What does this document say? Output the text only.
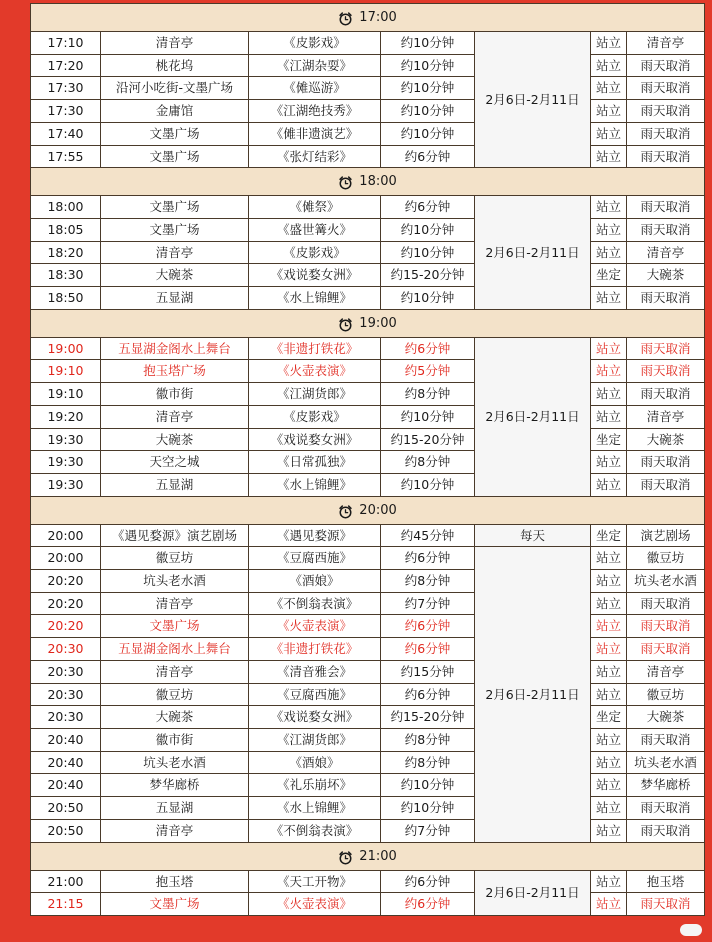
17:00						
17:10	清音亭	《皮影戏》	约10分钟	2月6日-2月11日	站立	清音亭
17:20	桃花坞	《江湖杂耍》	约10分钟		站立	雨天取消
17:30	沿河小吃街-文墨广场	《傩巡游》	约10分钟		站立	雨天取消
17:30	金庸馆	《江湖绝技秀》	约10分钟		站立	雨天取消
17:40	文墨广场	《傩非遗演艺》	约10分钟		站立	雨天取消
17:55	文墨广场	《张灯结彩》	约6分钟		站立	雨天取消
18:00						
18:00	文墨广场	《傩祭》	约6分钟	2月6日-2月11日	站立	雨天取消
18:05	文墨广场	《盛世篝火》	约10分钟		站立	雨天取消
18:20	清音亭	《皮影戏》	约10分钟		站立	清音亭
18:30	大碗茶	《戏说婺女洲》	约15-20分钟		坐定	大碗茶
18:50	五显湖	《水上锦鲤》	约10分钟		站立	雨天取消
19:00						
19:00	五显湖金阁水上舞台	《非遗打铁花》	约6分钟	2月6日-2月11日	站立	雨天取消
19:10	抱玉塔广场	《火壶表演》	约5分钟		站立	雨天取消
19:10	徽市街	《江湖货郎》	约8分钟		站立	雨天取消
19:20	清音亭	《皮影戏》	约10分钟		站立	清音亭
19:30	大碗茶	《戏说婺女洲》	约15-20分钟		坐定	大碗茶
19:30	天空之城	《日常孤独》	约8分钟		站立	雨天取消
19:30	五显湖	《水上锦鲤》	约10分钟		站立	雨天取消
20:00						
20:00	《遇见婺源》演艺剧场	《遇见婺源》	约45分钟	每天	坐定	演艺剧场
20:00	徽豆坊	《豆腐西施》	约6分钟	2月6日-2月11日	站立	徽豆坊
20:20	坑头老水酒	《酒娘》	约8分钟		站立	坑头老水酒
20:20	清音亭	《不倒翁表演》	约7分钟		站立	雨天取消
20:20	文墨广场	《火壶表演》	约6分钟		站立	雨天取消
20:30	五显湖金阁水上舞台	《非遗打铁花》	约6分钟		站立	雨天取消
20:30	清音亭	《清音雅会》	约15分钟		站立	清音亭
20:30	徽豆坊	《豆腐西施》	约6分钟		站立	徽豆坊
20:30	大碗茶	《戏说婺女洲》	约15-20分钟		坐定	大碗茶
20:40	徽市街	《江湖货郎》	约8分钟		站立	雨天取消
20:40	坑头老水酒	《酒娘》	约8分钟		站立	坑头老水酒
20:40	梦华廊桥	《礼乐崩坏》	约10分钟		站立	梦华廊桥
20:50	五显湖	《水上锦鲤》	约10分钟		站立	雨天取消
20:50	清音亭	《不倒翁表演》	约7分钟		站立	雨天取消
21:00						
21:00	抱玉塔	《天工开物》	约6分钟	2月6日-2月11日	站立	抱玉塔
21:15	文墨广场	《火壶表演》	约6分钟		站立	雨天取消
